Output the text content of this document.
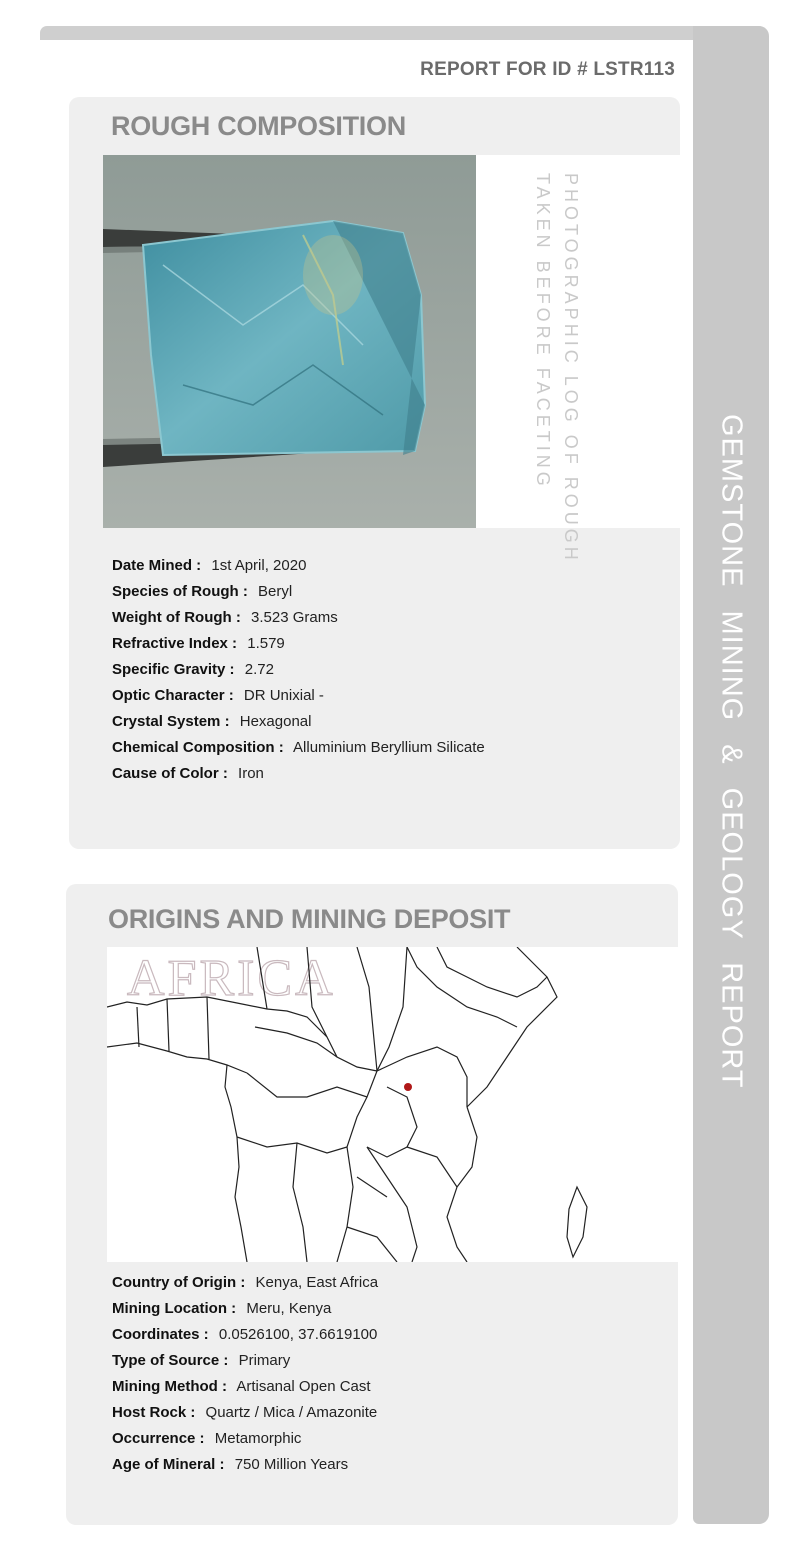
GEMSTONE MINING & GEOLOGY REPORT
REPORT FOR ID # LSTR113
ROUGH COMPOSITION
PHOTOGRAPHIC LOG OF ROUGH
TAKEN BEFORE FACETING
Date Mined : 1st April, 2020
Species of Rough : Beryl
Weight of Rough : 3.523 Grams
Refractive Index : 1.579
Specific Gravity : 2.72
Optic Character : DR Unixial -
Crystal System : Hexagonal
Chemical Composition : Alluminium Beryllium Silicate
Cause of Color : Iron
ORIGINS AND MINING DEPOSIT
AFRICA
Country of Origin : Kenya, East Africa
Mining Location : Meru, Kenya
Coordinates : 0.0526100, 37.6619100
Type of Source : Primary
Mining Method : Artisanal Open Cast
Host Rock : Quartz / Mica / Amazonite
Occurrence : Metamorphic
Age of Mineral : 750 Million Years
